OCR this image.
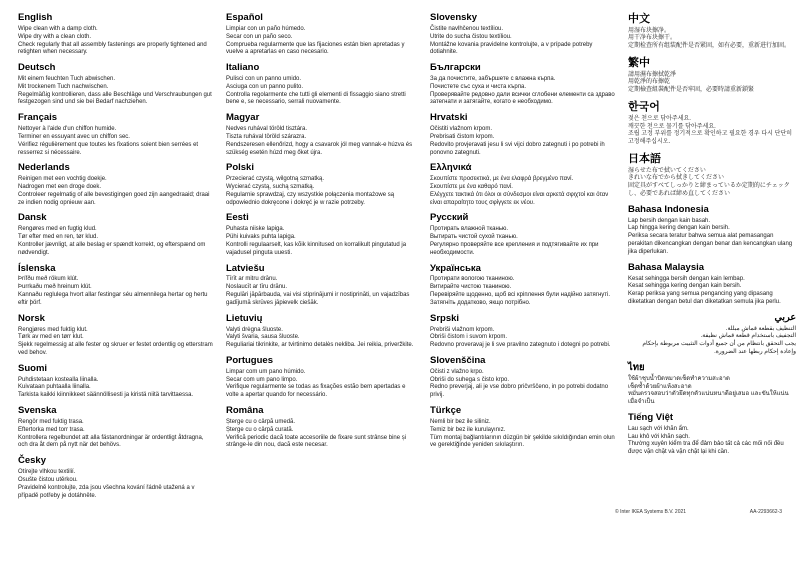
English

Wipe clean with a damp cloth.

Wipe dry with a clean cloth.

Check regularly that all assembly fastenings are properly tightened and retighten when necessary.

Deutsch

Mit einem feuchten Tuch abwischen.

Mit trockenem Tuch nachwischen.

Regelmäßig kontrollieren, dass alle Beschläge und Verschraubungen gut festgezogen sind und sie bei Bedarf nachziehen.

Français

Nettoyer à l'aide d'un chiffon humide.

Terminer en essuyant avec un chiffon sec.

Vérifiez régulièrement que toutes les fixations soient bien serrées et resserrez si nécessaire.

Nederlands

Reinigen met een vochtig doekje.

Nadrogen met een droge doek.

Controleer regelmatig of alle bevestigingen goed zijn aangedraaid; draai ze indien nodig opnieuw aan.

Dansk

Rengøres med en fugtig klud.

Tør efter med en ren, tør klud.

Kontroller jævnligt, at alle beslag er spændt korrekt, og efterspænd om nødvendigt.

Íslenska

Þrífðu með rökum klút.

Þurrkaðu með hreinum klút.

Kannaðu reglulega hvort allar festingar séu almennilega hertar og hertu eftir þörf.

Norsk

Rengjøres med fuktig klut.

Tørk av med en tørr klut.

Sjekk regelmessig at alle fester og skruer er festet ordentlig og etterstram ved behov.

Suomi

Puhdistetaan kostealla liinalla.

Kuivataan puhtaalla liinalla.

Tarkista kaikki kiinnikkeet säännöllisesti ja kiristä niitä tarvittaessa.

Svenska

Rengör med fuktig trasa.

Eftertorka med torr trasa.

Kontrollera regelbundet att alla fästanordningar är ordentligt åtdragna, och dra åt dem på nytt när det behövs.

Česky

Otírejte vlhkou textilií.

Osušte čistou utěrkou.

Pravidelně kontrolujte, zda jsou všechna kování řádně utažená a v případě potřeby je dotáhněte.

Español

Limpiar con un paño húmedo.

Secar con un paño seco.

Comprueba regularmente que las fijaciones están bien apretadas y vuelve a apretarlas en caso necesario.

Italiano

Pulisci con un panno umido.

Asciuga con un panno pulito.

Controlla regolarmente che tutti gli elementi di fissaggio siano stretti bene e, se necessario, serrali nuovamente.

Magyar

Nedves ruhával töröld tisztára.

Tiszta ruhával töröld szárazra.

Rendszeresen ellenőrizd, hogy a csavarok jól meg vannak-e húzva és szükség esetén húzd meg őket újra.

Polski

Przecierać czystą, wilgotną szmatką.

Wycierać czystą, suchą szmatką.

Regularnie sprawdzaj, czy wszystkie połączenia montażowe są odpowiednio dokręcone i dokręć je w razie potrzeby.

Eesti

Puhasta niiske lapiga.

Pühi kuivaks puhta lapiga.

Kontrolli regulaarselt, kas kõik kinnitused on korralikult pingutatud ja vajadusel pinguta uuesti.

Latviešu

Tīrīt ar mitru drānu.

Noslaucīt ar tīru drānu.

Regulāri jāpārbauda, vai visi stiprinājumi ir nostiprināti, un vajadzības gadījumā skrūves jāpievelk ciešāk.

Lietuvių

Valyti drėgna šluoste.

Valyti švaria, sausa šluoste.

Reguliariai tikrinkite, ar tvirtinimo detalės nekliba. Jei reikia, priveržkite.

Portugues

Limpar com um pano húmido.

Secar com um pano limpo.

Verifique regularmente se todas as fixações estão bem apertadas e volte a apertar quando for necessário.

Româna

Șterge cu o cârpă umedă.

Șterge cu o cârpă curată.

Verifică periodic dacă toate accesoriile de fixare sunt strânse bine și strânge-le din nou, dacă este necesar.

Slovensky

Čistite navlhčenou textíliou.

Utrite do sucha čistou textíliou.

Montážne kovania pravidelne kontrolujte, a v prípade potreby dotiahnite.

Български

За да почистите, забършете с влажна кърпа.

Почистете със суха и чиста кърпа.

Проверявайте редовно дали всички сглобени елементи са здраво затегнати и затягайте, когато е необходимо.

Hrvatski

Očistiti vlažnom krpom.

Prebrisati čistom krpom.

Redovito provjeravati jesu li svi vijci dobro zategnuti i po potrebi ih ponovno zategnuti.

Ελληνικά

Σκουπίστε προσεκτικά, με ένα ελαφρά βρεγμένο πανί.

Σκουπίστε με ένα καθαρό πανί.

Ελέγχετε τακτικά ότι όλοι οι σύνδεσμοι είναι αρκετά σφιχτοί και όταν είναι απαραίτητο τους σφίγγετε εκ νέου.

Русский

Протирать влажной тканью.

Вытирать чистой сухой тканью.

Регулярно проверяйте все крепления и подтягивайте их при необходимости.

Українська

Протирати вологою тканиною.

Витирайте чистою тканиною.

Перевіряйте щоденно, щоб всі кріплення були надійно затягнуті. Затягніть додатково, якщо потрібно.

Srpski

Prebriši vlažnom krpom.

Obriši čistom i suvom krpom.

Redovno proveravaj je li sve pravilno zategnuto i dotegni po potrebi.

Slovenščina

Očisti z vlažno krpo.

Obriši do suhega s čisto krpo.

Redno preverjaj, ali je vse dobro pričvrščeno, in po potrebi dodatno privij.

Türkçe

Nemli bir bez ile siliniz.

Temiz bir bez ile kurulayınız.

Tüm montaj bağlantılarının düzgün bir şekilde sıkıldığından emin olun ve gerektiğinde yeniden sıkılaştırın.

中文

用湿布块擦净。

用干净布块擦干。

定期检查所有组装配件是否紧固，如有必要，重新进行加固。

繁中

請用濕布擦拭乾淨

用乾淨的布擦乾

定期檢查組裝配件是否牢固，必要時請重新鎖緊

한국어

젖은 천으로 닦아주세요.

깨끗한 천으로 물기를 닦아주세요.

조립 고정 부위를 정기적으로 확인하고 필요한 경우 다시 단단히 고정해주십시오.

日本語

湿らせた布で拭いてください

きれいな布でから拭きしてください

固定具がすべてしっかりと締まっているか定期的にチェックし、必要であれば締め直してください

Bahasa Indonesia

Lap bersih dengan kain basah.

Lap hingga kering dengan kain bersih.

Periksa secara teratur bahwa semua alat pemasangan perakitan dikencangkan dengan benar dan kencangkan ulang jika diperlukan.

Bahasa Malaysia

Kesat sehingga bersih dengan kain lembap.

Kesat sehingga kering dengan kain bersih.

Kerap periksa yang semua pengancing yang dipasang diketatkan dengan betul dan diketatkan semula jika perlu.

عربي

التنظيف بقطعة قماش مبللة.

التجفيف باستخدام قطعة قماش نظيفة.

يجب التحقق بانتظام من أن جميع أدوات التثبيت مربوطة بإحكام وإعادة إحكام ربطها عند الضرورة.

ไทย

ใช้ผ้าชุบน้ำบิดหมาดเช็ดทำความสะอาด

เช็ดซ้ำด้วยผ้าแห้งสะอาด

หมั่นตรวจสอบว่าตัวยึดทุกตัวแน่นหนาดีอยู่เสมอ และขันให้แน่นเมื่อจำเป็น

Tiếng Việt

Lau sạch với khăn ẩm.

Lau khô với khăn sạch.

Thường xuyên kiểm tra để đảm bảo tất cả các mối nối đều được vặn chặt và vặn chặt lại khi cần.

© Inter IKEA Systems B.V. 2021	AA-2293662-3
